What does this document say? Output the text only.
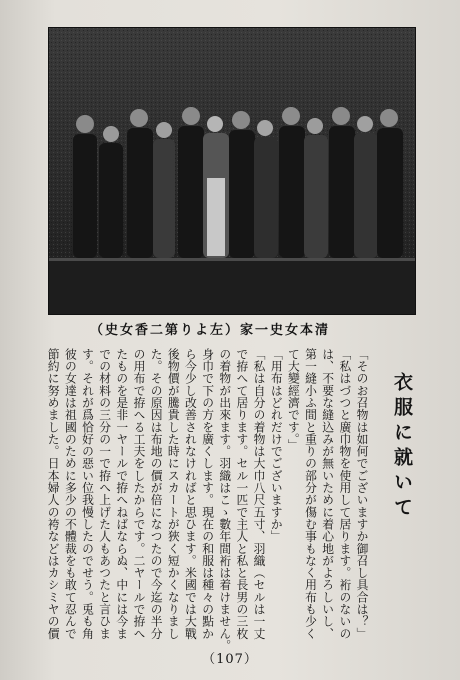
（史女香二第りよ左）家一史女本清
衣服に就いて

「そのお召物は如何でございますか御召し具合は？」

「私はづつと廣巾物を使用して居ります。裄のないの

は、不要な縫込みが無いために着心地がよろしいし、

第一縫小ふ間と重りの部分が傷む事もなく用布も少く

て大變經濟です。」

「用布はどれだけでございますか」

「私は自分の着物は大巾八尺五寸、羽織（セルは一丈

で拵へて居ります。セル一匹で主人と私と長男の三枚

の着物が出來ます。羽織はこゝ數年間裄は着けません。

身巾で下の方を廣くします。現在の和服は種々の點か

ら今少し改善されなければと思ひます。米國では大戰

後物價が騰貴した時にスカートが狹く短かくなりまし

た。その原因は布地の價が倍になつたので今迄の半分

の用布で拵へる工夫をしたからです。二ヤールで拵へ

たものを是非一ヤールで拵へねばならぬ、中には今ま

での材料の三分の一で拵へ上げた人もあつたと言ひま

す。それが爲恰好の惡い位我慢したのでせう。兎も角

彼の女達は祖國のために多少の不體裁をも敢て忍んで

節約に努めました。日本婦人の袴などはカシミヤの價

（107）
